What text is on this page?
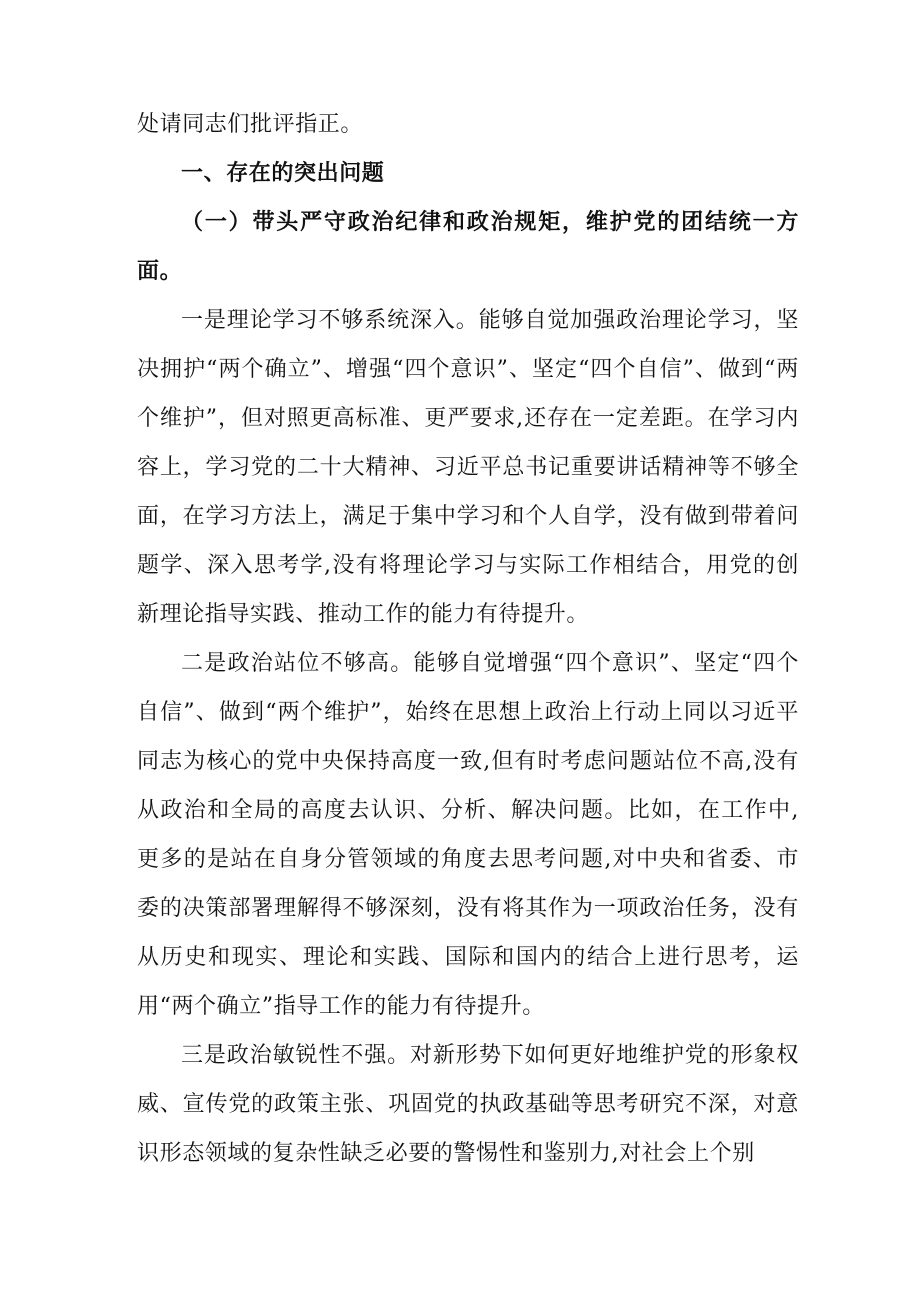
处请同志们批评指正。

一、存在的突出问题

（一）带头严守政治纪律和政治规矩，维护党的团结统一方面。

一是理论学习不够系统深入。能够自觉加强政治理论学习，坚决拥护“两个确立”、增强“四个意识”、坚定“四个自信”、做到“两个维护”，但对照更高标准、更严要求,还存在一定差距。在学习内容上，学习党的二十大精神、习近平总书记重要讲话精神等不够全面，在学习方法上，满足于集中学习和个人自学，没有做到带着问题学、深入思考学,没有将理论学习与实际工作相结合，用党的创新理论指导实践、推动工作的能力有待提升。

二是政治站位不够高。能够自觉增强“四个意识”、坚定“四个自信”、做到“两个维护”，始终在思想上政治上行动上同以习近平同志为核心的党中央保持高度一致,但有时考虑问题站位不高,没有从政治和全局的高度去认识、分析、解决问题。比如，在工作中,更多的是站在自身分管领域的角度去思考问题,对中央和省委、市委的决策部署理解得不够深刻，没有将其作为一项政治任务，没有从历史和现实、理论和实践、国际和国内的结合上进行思考，运用“两个确立”指导工作的能力有待提升。

三是政治敏锐性不强。对新形势下如何更好地维护党的形象权威、宣传党的政策主张、巩固党的执政基础等思考研究不深，对意识形态领域的复杂性缺乏必要的警惕性和鉴别力,对社会上个别
